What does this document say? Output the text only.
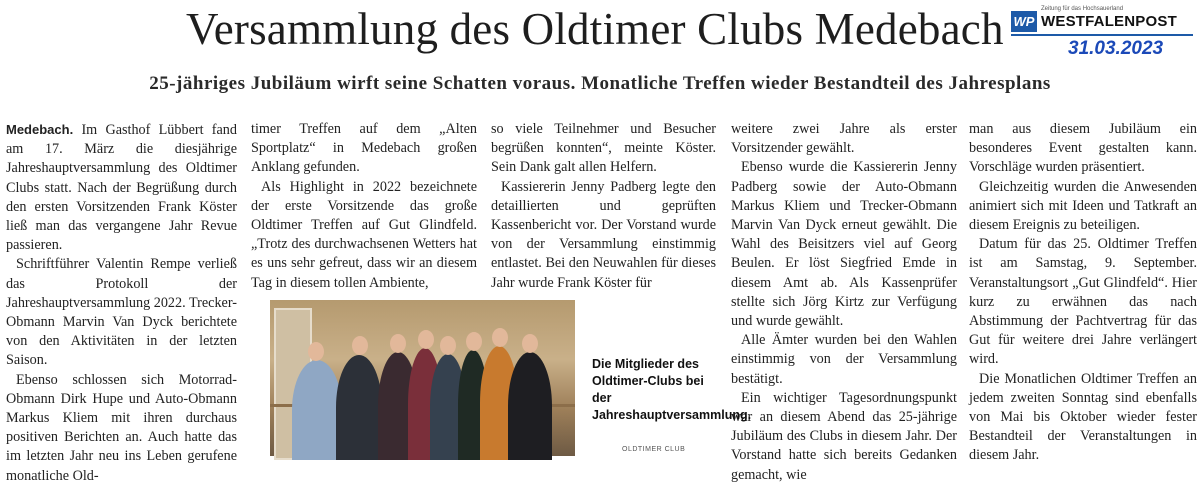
Versammlung des Oldtimer Clubs Medebach WP
Zeitung für das Hochsauerland
WESTFALENPOST
31.03.2023
25-jähriges Jubiläum wirft seine Schatten voraus. Monatliche Treffen wieder Bestandteil des Jahresplans

Medebach. Im Gasthof Lübbert fand am 17. März die diesjährige Jahreshauptversammlung des Oldtimer Clubs statt. Nach der Begrüßung durch den ersten Vorsitzenden Frank Köster ließ man das vergangene Jahr Revue passieren.

Schriftführer Valentin Rempe verließ das Protokoll der Jahreshauptversammlung 2022. Trecker-Obmann Marvin Van Dyck berichtete von den Aktivitäten in der letzten Saison.

Ebenso schlossen sich Motorrad-Obmann Dirk Hupe und Auto-Obmann Markus Kliem mit ihren durchaus positiven Berichten an. Auch hatte das im letzten Jahr neu ins Leben gerufene monatliche Old-

timer Treffen auf dem „Alten Sportplatz“ in Medebach großen Anklang gefunden.

Als Highlight in 2022 bezeichnete der erste Vorsitzende das große Oldtimer Treffen auf Gut Glindfeld. „Trotz des durchwachsenen Wetters hat es uns sehr gefreut, dass wir an diesem Tag in diesem tollen Ambiente,

so viele Teilnehmer und Besucher begrüßen konnten“, meinte Köster. Sein Dank galt allen Helfern.

Kassiererin Jenny Padberg legte den detaillierten und geprüften Kassenbericht vor. Der Vorstand wurde von der Versammlung einstimmig entlastet. Bei den Neuwahlen für dieses Jahr wurde Frank Köster für

weitere zwei Jahre als erster Vorsitzender gewählt.

Ebenso wurde die Kassiererin Jenny Padberg sowie der Auto-Obmann Markus Kliem und Trecker-Obmann Marvin Van Dyck erneut gewählt. Die Wahl des Beisitzers viel auf Georg Beulen. Er löst Siegfried Emde in diesem Amt ab. Als Kassenprüfer stellte sich Jörg Kirtz zur Verfügung und wurde gewählt.

Alle Ämter wurden bei den Wahlen einstimmig von der Versammlung bestätigt.

Ein wichtiger Tagesordnungspunkt war an diesem Abend das 25-jährige Jubiläum des Clubs in diesem Jahr. Der Vorstand hatte sich bereits Gedanken gemacht, wie

man aus diesem Jubiläum ein besonderes Event gestalten kann. Vorschläge wurden präsentiert.

Gleichzeitig wurden die Anwesenden animiert sich mit Ideen und Tatkraft an diesem Ereignis zu beteiligen.

Datum für das 25. Oldtimer Treffen ist am Samstag, 9. September. Veranstaltungsort „Gut Glindfeld“. Hier kurz zu erwähnen das nach Abstimmung der Pachtvertrag für das Gut für weitere drei Jahre verlängert wird.

Die Monatlichen Oldtimer Treffen an jedem zweiten Sonntag sind ebenfalls von Mai bis Oktober wieder fester Bestandteil der Veranstaltungen in diesem Jahr.

Die Mitglieder des Oldtimer-Clubs bei der Jahreshauptversammlung.

OLDTIMER CLUB
